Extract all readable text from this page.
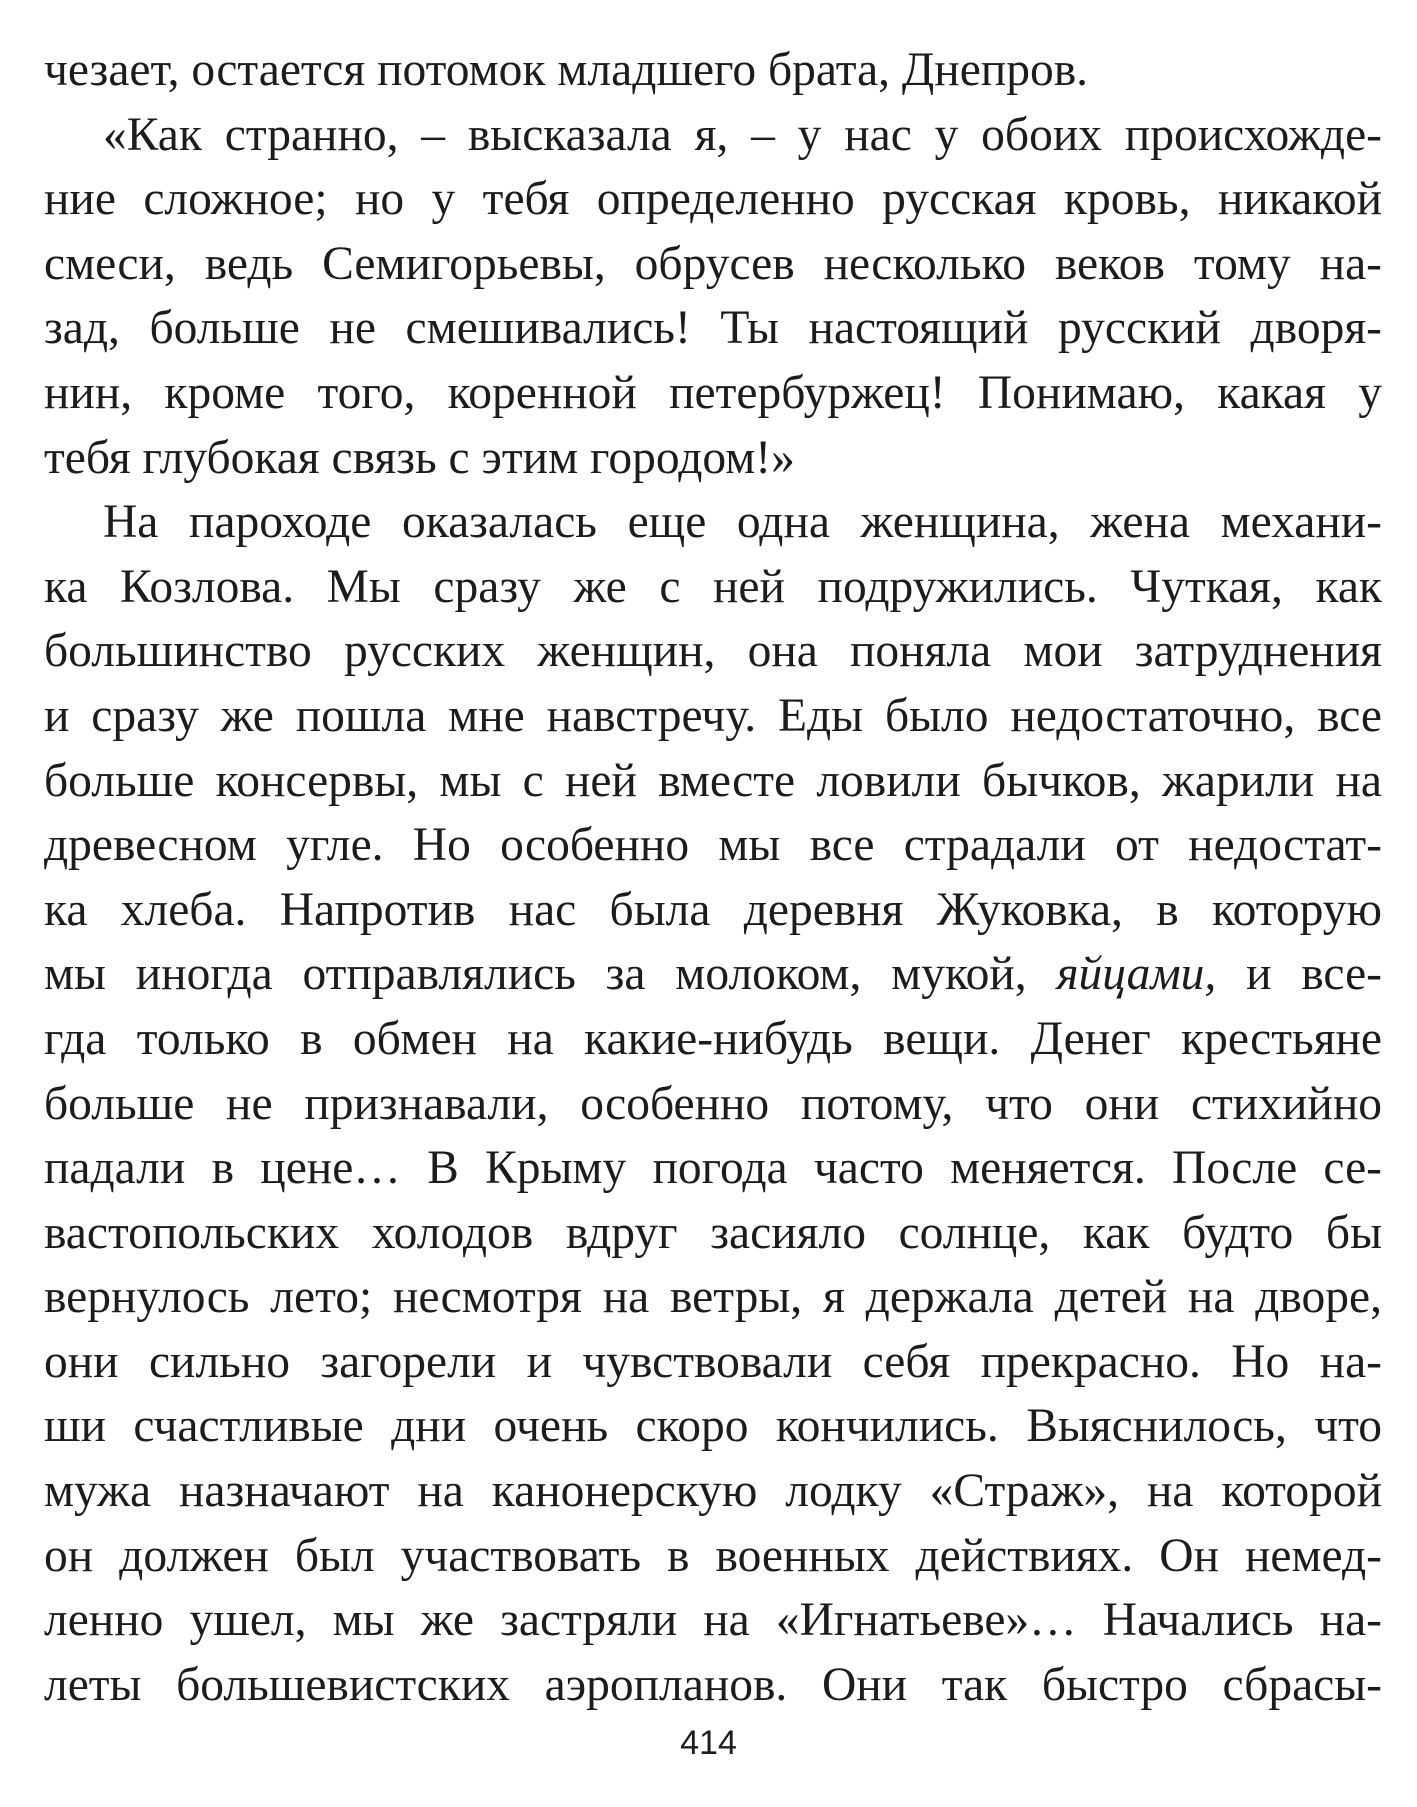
чезает, остается потомок младшего брата, Днепров.
«Как странно, – высказала я, – у нас у обоих происхожде-
ние сложное; но у тебя определенно русская кровь, никакой
смеси, ведь Семигорьевы, обрусев несколько веков тому на-
зад, больше не смешивались! Ты настоящий русский дворя-
нин, кроме того, коренной петербуржец! Понимаю, какая у
тебя глубокая связь с этим городом!»
На пароходе оказалась еще одна женщина, жена механи-
ка Козлова. Мы сразу же с ней подружились. Чуткая, как
большинство русских женщин, она поняла мои затруднения
и сразу же пошла мне навстречу. Еды было недостаточно, все
больше консервы, мы с ней вместе ловили бычков, жарили на
древесном угле. Но особенно мы все страдали от недостат-
ка хлеба. Напротив нас была деревня Жуковка, в которую
мы иногда отправлялись за молоком, мукой, яйцами, и все-
гда только в обмен на какие-нибудь вещи. Денег крестьяне
больше не признавали, особенно потому, что они стихийно
падали в цене… В Крыму погода часто меняется. После се-
вастопольских холодов вдруг засияло солнце, как будто бы
вернулось лето; несмотря на ветры, я держала детей на дворе,
они сильно загорели и чувствовали себя прекрасно. Но на-
ши счастливые дни очень скоро кончились. Выяснилось, что
мужа назначают на канонерскую лодку «Страж», на которой
он должен был участвовать в военных действиях. Он немед-
ленно ушел, мы же застряли на «Игнатьеве»… Начались на-
леты большевистских аэропланов. Они так быстро сбрасы-
414
